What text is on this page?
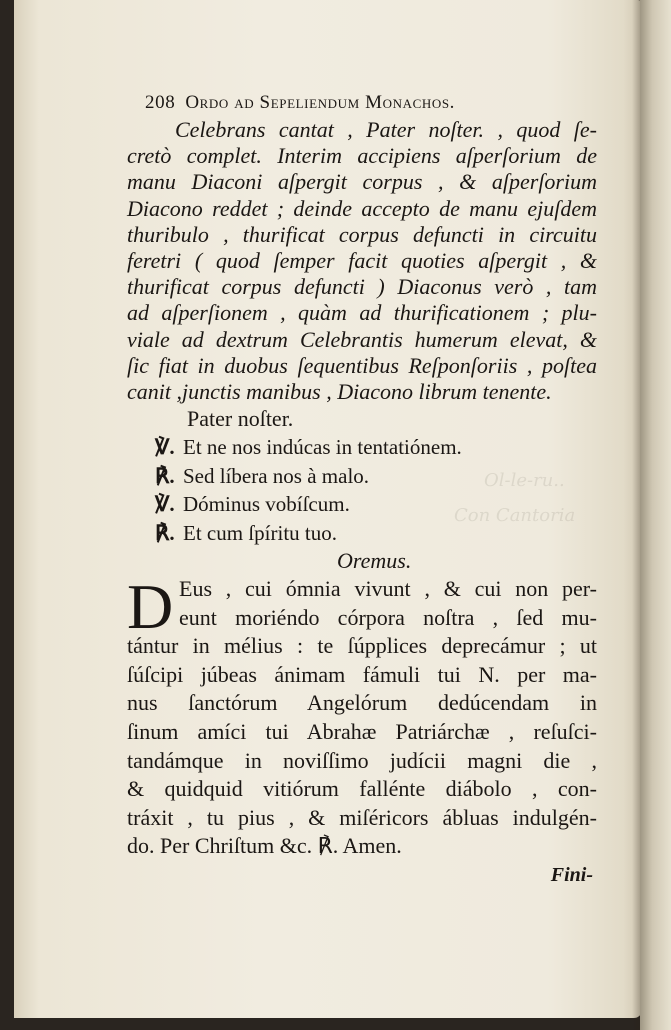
Ol-le-ru..
Con Cantoria
208 Ordo ad Sepeliendum Monachos.
Celebrans cantat , Pater noſter. , quod ſe-
cretò complet. Interim accipiens aſperſorium de
manu Diaconi aſpergit corpus , & aſperſorium
Diacono reddet ; deinde accepto de manu ejuſdem
thuribulo , thurificat corpus defuncti in circuitu
feretri ( quod ſemper facit quoties aſpergit , &
thurificat corpus defuncti ) Diaconus verò , tam
ad aſperſionem , quàm ad thurificationem ; plu-
viale ad dextrum Celebrantis humerum elevat, &
ſic fiat in duobus ſequentibus Reſponſoriis , poſtea
canit ,junctis manibus , Diacono librum tenente.
Pater noſter.
℣. Et ne nos indúcas in tentatiónem.
℟. Sed líbera nos à malo.
℣. Dóminus vobíſcum.
℟. Et cum ſpíritu tuo.
Oremus.
D Eus , cui ómnia vivunt , & cui non per-
eunt moriéndo córpora noſtra , ſed mu-
tántur in mélius : te ſúpplices deprecámur ; ut
ſúſcipi júbeas ánimam fámuli tui N. per ma-
nus ſanctórum Angelórum dedúcendam in
ſinum amíci tui Abrahæ Patriárchæ , reſuſci-
tandámque in noviſſimo judícii magni die ,
& quidquid vitiórum falléntе diábolo , con-
tráxit , tu pius , & miſéricors ábluas indulgén-
do. Per Chriſtum &c. ℟. Amen.
Fini-
